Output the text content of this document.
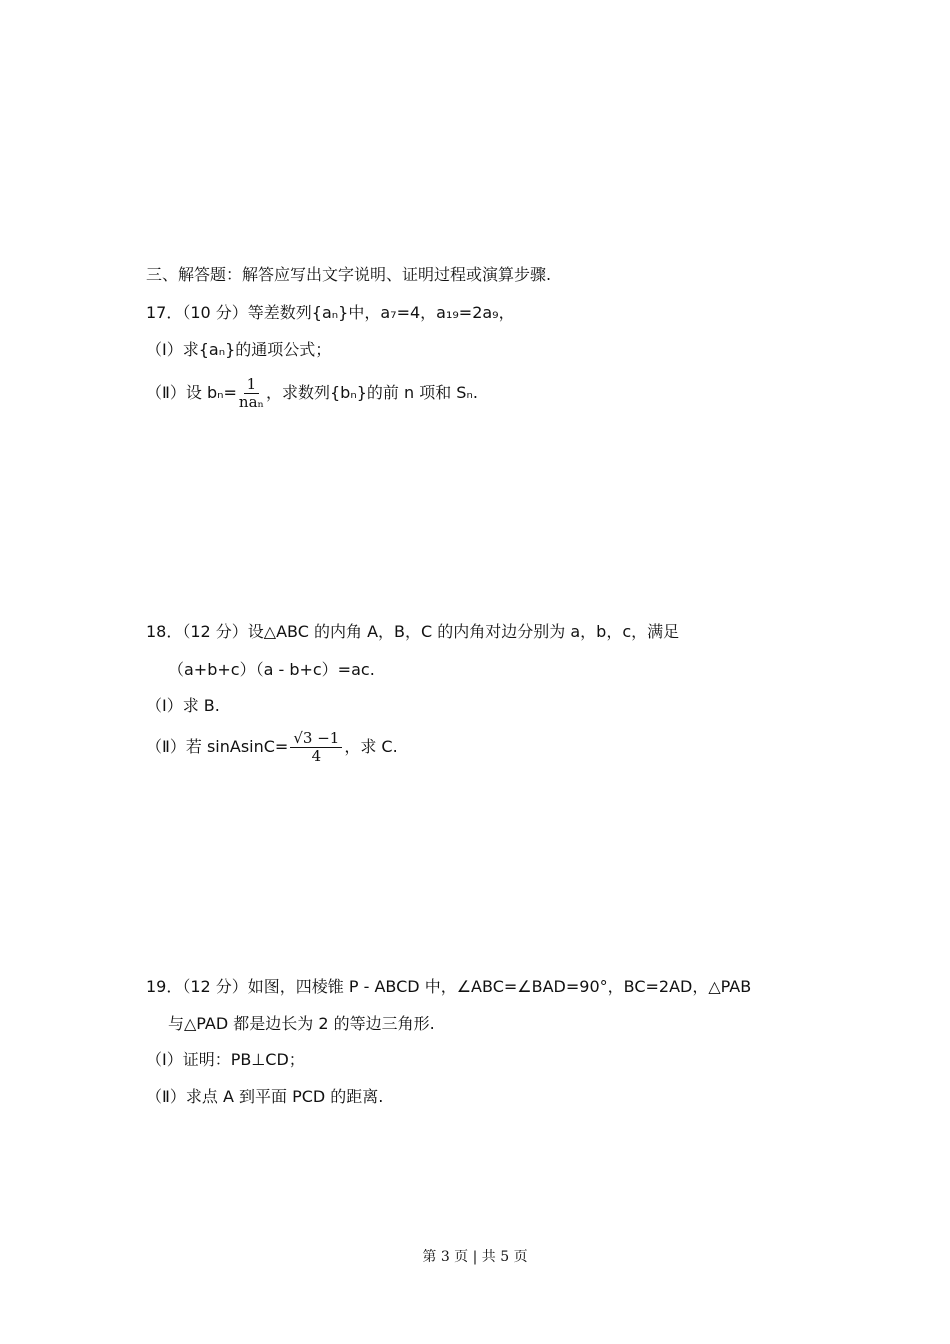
三、解答题：解答应写出文字说明、证明过程或演算步骤.
17．（10 分）等差数列{aₙ}中，a₇=4，a₁₉=2a₉，
（Ⅰ）求{aₙ}的通项公式；
（Ⅱ）设 $b_n= \frac{1}{\text{naₙ}}$ ，求数列{bₙ}的前 n 项和 Sₙ.
18．（12 分）设△ABC 的内角 A，B，C 的内角对边分别为 a，b，c，满足
（a+b+c）（a - b+c）=ac.
（Ⅰ）求 B.
（Ⅱ）若 sinAsinC= $\frac{√3 -1}{4}$ ，求 C.
19．（12 分）如图，四棱锥 P - ABCD 中，∠ABC=∠BAD=90°，BC=2AD，△PAB
与△PAD 都是边长为 2 的等边三角形.
（Ⅰ）证明：PB⊥CD；
（Ⅱ）求点 A 到平面 PCD 的距离.
第 3 页 | 共 5 页
